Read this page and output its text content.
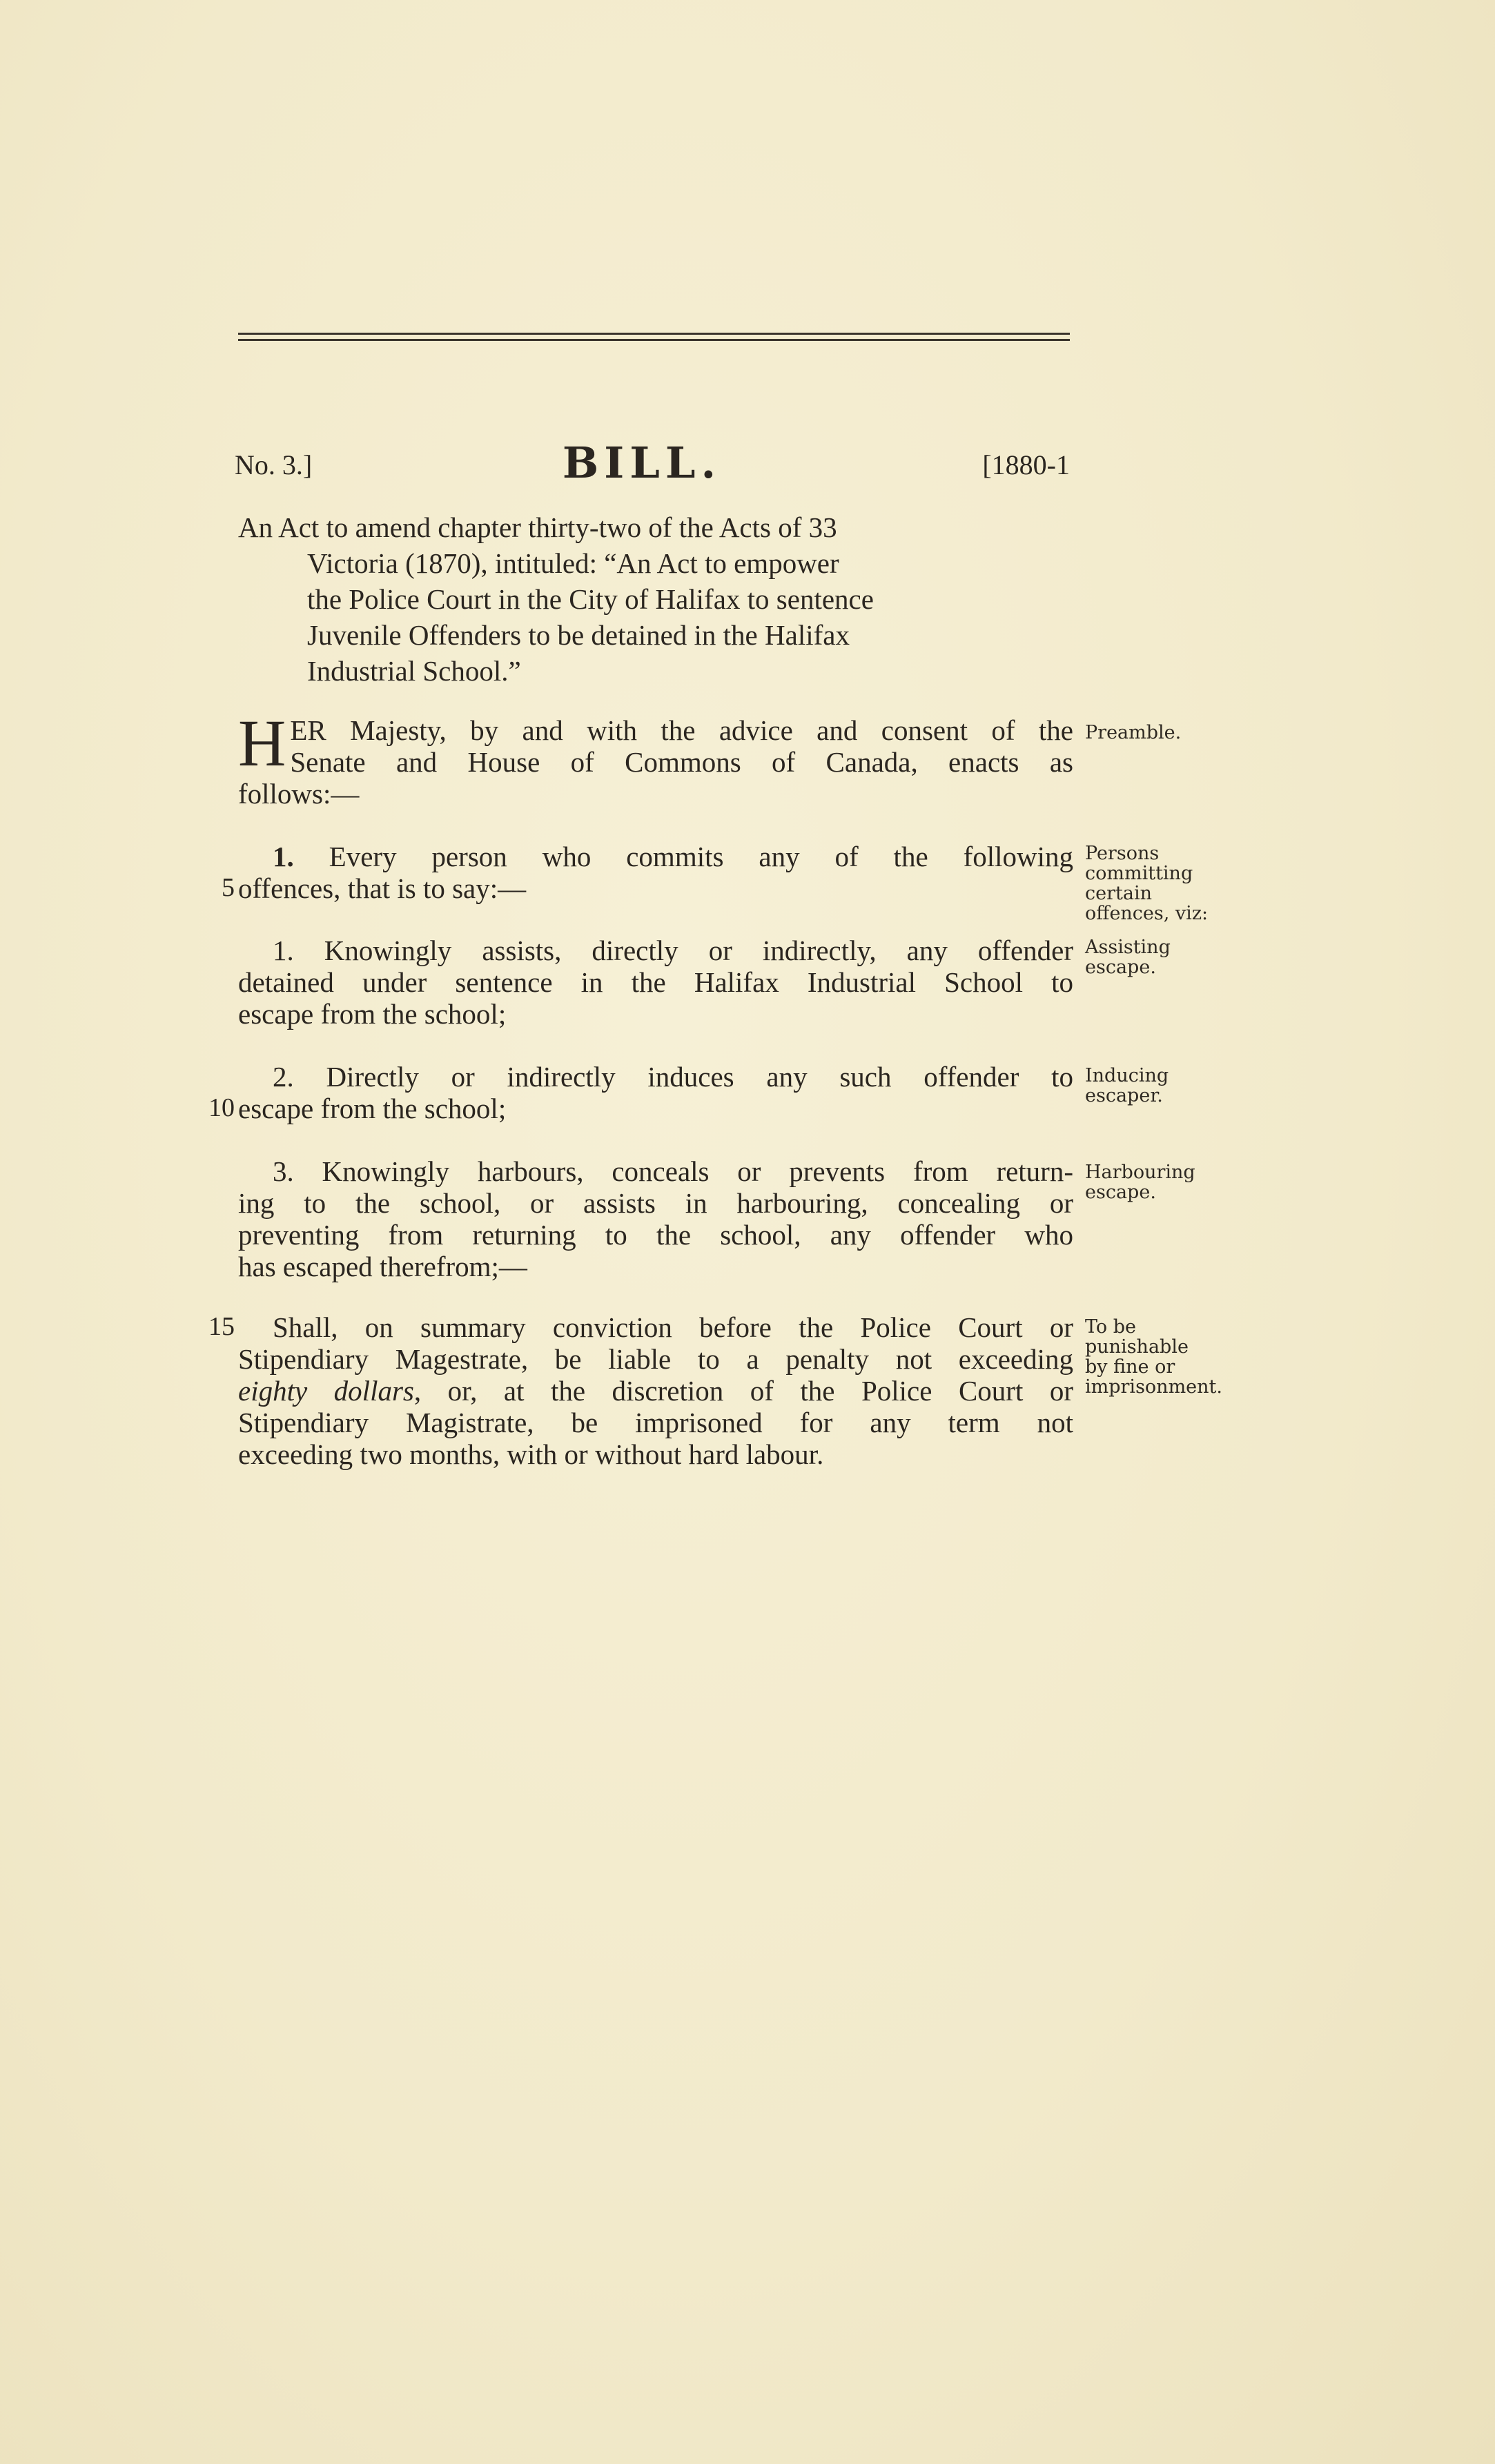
No. 3.]	BILL.	[1880-1
An Act to amend chapter thirty-two of the Acts of 33
Victoria (1870), intituled: “An Act to empower
the Police Court in the City of Halifax to sentence
Juvenile Offenders to be detained in the Halifax
Industrial School.”
H ER Majesty, by and with the advice and consent of the
Senate and House of Commons of Canada, enacts as
follows:—
Preamble.
1. Every person who commits any of the following
offences, that is to say:—
5
Persons committing certain offences, viz:
1. Knowingly assists, directly or indirectly, any offender
detained under sentence in the Halifax Industrial School to
escape from the school;
Assisting escape.
2. Directly or indirectly induces any such offender to
escape from the school;
10
Inducing escaper.
3. Knowingly harbours, conceals or prevents from return-
ing to the school, or assists in harbouring, concealing or
preventing from returning to the school, any offender who
has escaped therefrom;—
Harbouring escape.
Shall, on summary conviction before the Police Court or
Stipendiary Magestrate, be liable to a penalty not exceeding
eighty dollars, or, at the discretion of the Police Court or
Stipendiary Magistrate, be imprisoned for any term not
exceeding two months, with or without hard labour.
15	To be punishable by fine or imprisonment.
